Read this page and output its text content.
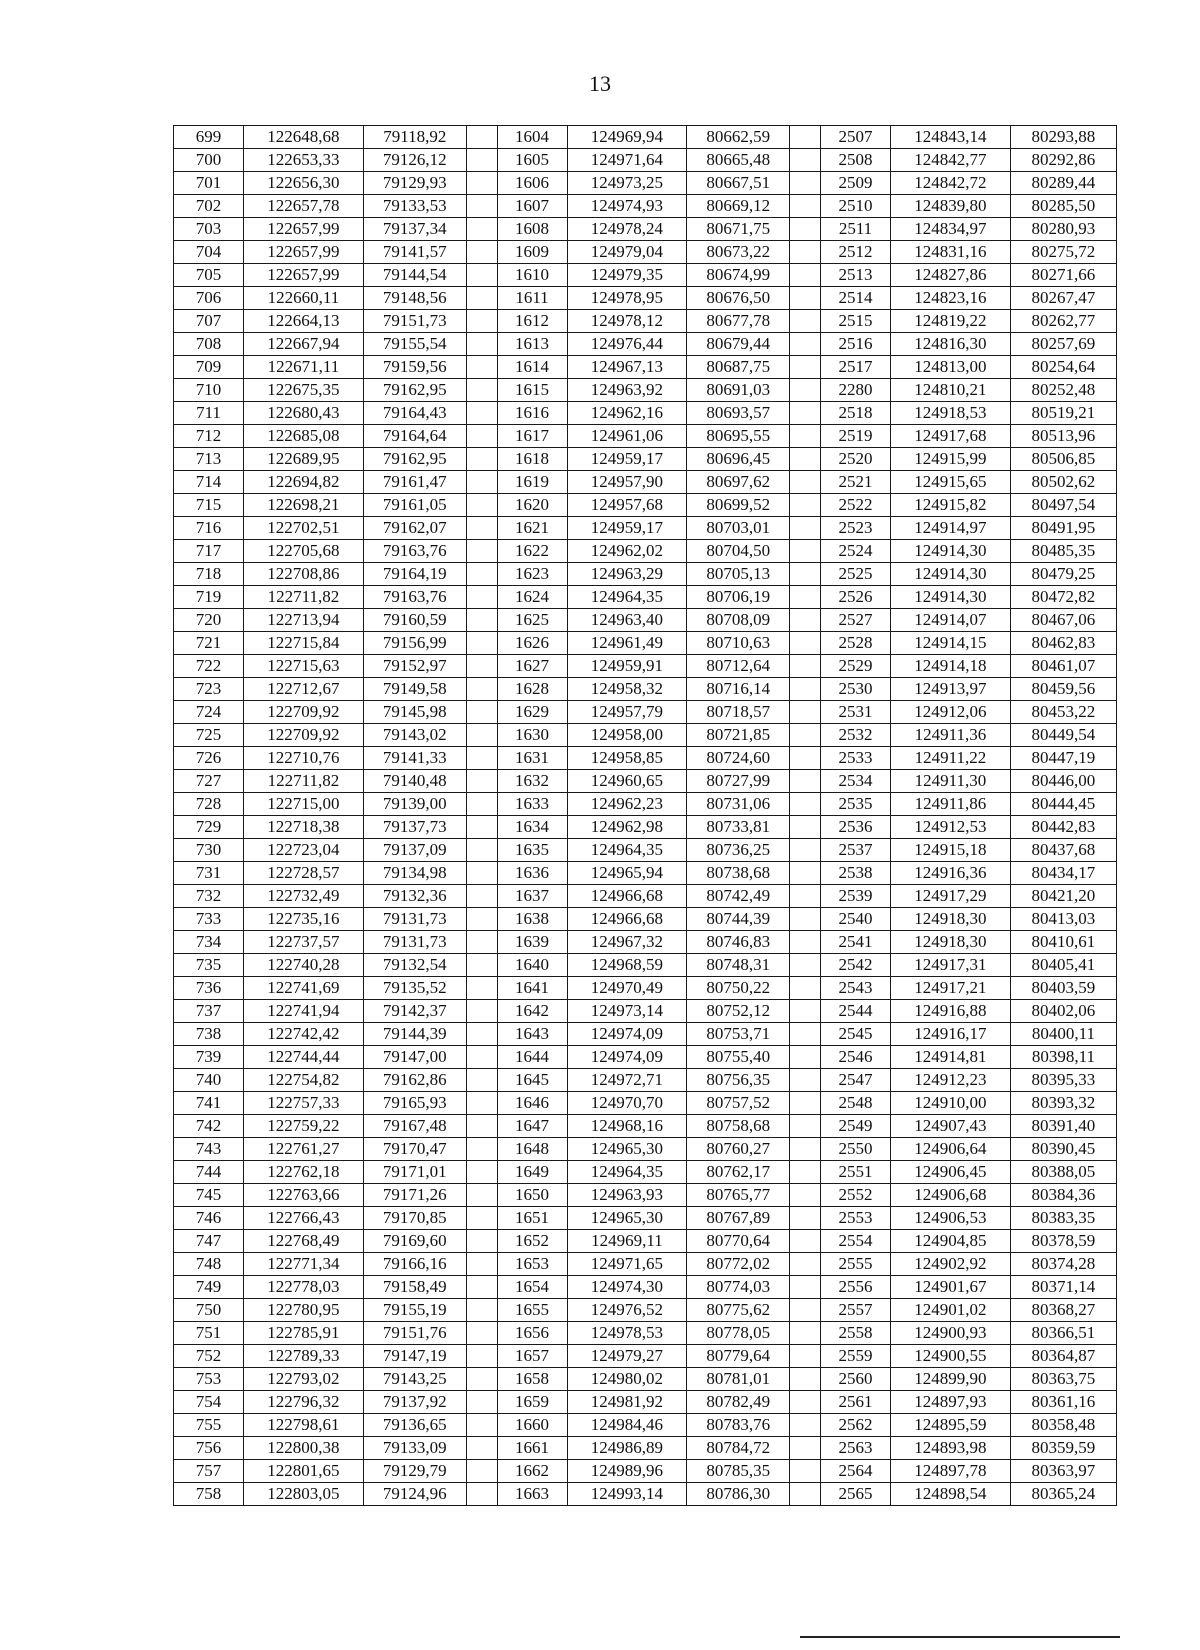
13
699	122648,68	79118,92		1604	124969,94	80662,59		2507	124843,14	80293,88
700	122653,33	79126,12		1605	124971,64	80665,48		2508	124842,77	80292,86
701	122656,30	79129,93		1606	124973,25	80667,51		2509	124842,72	80289,44
702	122657,78	79133,53		1607	124974,93	80669,12		2510	124839,80	80285,50
703	122657,99	79137,34		1608	124978,24	80671,75		2511	124834,97	80280,93
704	122657,99	79141,57		1609	124979,04	80673,22		2512	124831,16	80275,72
705	122657,99	79144,54		1610	124979,35	80674,99		2513	124827,86	80271,66
706	122660,11	79148,56		1611	124978,95	80676,50		2514	124823,16	80267,47
707	122664,13	79151,73		1612	124978,12	80677,78		2515	124819,22	80262,77
708	122667,94	79155,54		1613	124976,44	80679,44		2516	124816,30	80257,69
709	122671,11	79159,56		1614	124967,13	80687,75		2517	124813,00	80254,64
710	122675,35	79162,95		1615	124963,92	80691,03		2280	124810,21	80252,48
711	122680,43	79164,43		1616	124962,16	80693,57		2518	124918,53	80519,21
712	122685,08	79164,64		1617	124961,06	80695,55		2519	124917,68	80513,96
713	122689,95	79162,95		1618	124959,17	80696,45		2520	124915,99	80506,85
714	122694,82	79161,47		1619	124957,90	80697,62		2521	124915,65	80502,62
715	122698,21	79161,05		1620	124957,68	80699,52		2522	124915,82	80497,54
716	122702,51	79162,07		1621	124959,17	80703,01		2523	124914,97	80491,95
717	122705,68	79163,76		1622	124962,02	80704,50		2524	124914,30	80485,35
718	122708,86	79164,19		1623	124963,29	80705,13		2525	124914,30	80479,25
719	122711,82	79163,76		1624	124964,35	80706,19		2526	124914,30	80472,82
720	122713,94	79160,59		1625	124963,40	80708,09		2527	124914,07	80467,06
721	122715,84	79156,99		1626	124961,49	80710,63		2528	124914,15	80462,83
722	122715,63	79152,97		1627	124959,91	80712,64		2529	124914,18	80461,07
723	122712,67	79149,58		1628	124958,32	80716,14		2530	124913,97	80459,56
724	122709,92	79145,98		1629	124957,79	80718,57		2531	124912,06	80453,22
725	122709,92	79143,02		1630	124958,00	80721,85		2532	124911,36	80449,54
726	122710,76	79141,33		1631	124958,85	80724,60		2533	124911,22	80447,19
727	122711,82	79140,48		1632	124960,65	80727,99		2534	124911,30	80446,00
728	122715,00	79139,00		1633	124962,23	80731,06		2535	124911,86	80444,45
729	122718,38	79137,73		1634	124962,98	80733,81		2536	124912,53	80442,83
730	122723,04	79137,09		1635	124964,35	80736,25		2537	124915,18	80437,68
731	122728,57	79134,98		1636	124965,94	80738,68		2538	124916,36	80434,17
732	122732,49	79132,36		1637	124966,68	80742,49		2539	124917,29	80421,20
733	122735,16	79131,73		1638	124966,68	80744,39		2540	124918,30	80413,03
734	122737,57	79131,73		1639	124967,32	80746,83		2541	124918,30	80410,61
735	122740,28	79132,54		1640	124968,59	80748,31		2542	124917,31	80405,41
736	122741,69	79135,52		1641	124970,49	80750,22		2543	124917,21	80403,59
737	122741,94	79142,37		1642	124973,14	80752,12		2544	124916,88	80402,06
738	122742,42	79144,39		1643	124974,09	80753,71		2545	124916,17	80400,11
739	122744,44	79147,00		1644	124974,09	80755,40		2546	124914,81	80398,11
740	122754,82	79162,86		1645	124972,71	80756,35		2547	124912,23	80395,33
741	122757,33	79165,93		1646	124970,70	80757,52		2548	124910,00	80393,32
742	122759,22	79167,48		1647	124968,16	80758,68		2549	124907,43	80391,40
743	122761,27	79170,47		1648	124965,30	80760,27		2550	124906,64	80390,45
744	122762,18	79171,01		1649	124964,35	80762,17		2551	124906,45	80388,05
745	122763,66	79171,26		1650	124963,93	80765,77		2552	124906,68	80384,36
746	122766,43	79170,85		1651	124965,30	80767,89		2553	124906,53	80383,35
747	122768,49	79169,60		1652	124969,11	80770,64		2554	124904,85	80378,59
748	122771,34	79166,16		1653	124971,65	80772,02		2555	124902,92	80374,28
749	122778,03	79158,49		1654	124974,30	80774,03		2556	124901,67	80371,14
750	122780,95	79155,19		1655	124976,52	80775,62		2557	124901,02	80368,27
751	122785,91	79151,76		1656	124978,53	80778,05		2558	124900,93	80366,51
752	122789,33	79147,19		1657	124979,27	80779,64		2559	124900,55	80364,87
753	122793,02	79143,25		1658	124980,02	80781,01		2560	124899,90	80363,75
754	122796,32	79137,92		1659	124981,92	80782,49		2561	124897,93	80361,16
755	122798,61	79136,65		1660	124984,46	80783,76		2562	124895,59	80358,48
756	122800,38	79133,09		1661	124986,89	80784,72		2563	124893,98	80359,59
757	122801,65	79129,79		1662	124989,96	80785,35		2564	124897,78	80363,97
758	122803,05	79124,96		1663	124993,14	80786,30		2565	124898,54	80365,24
